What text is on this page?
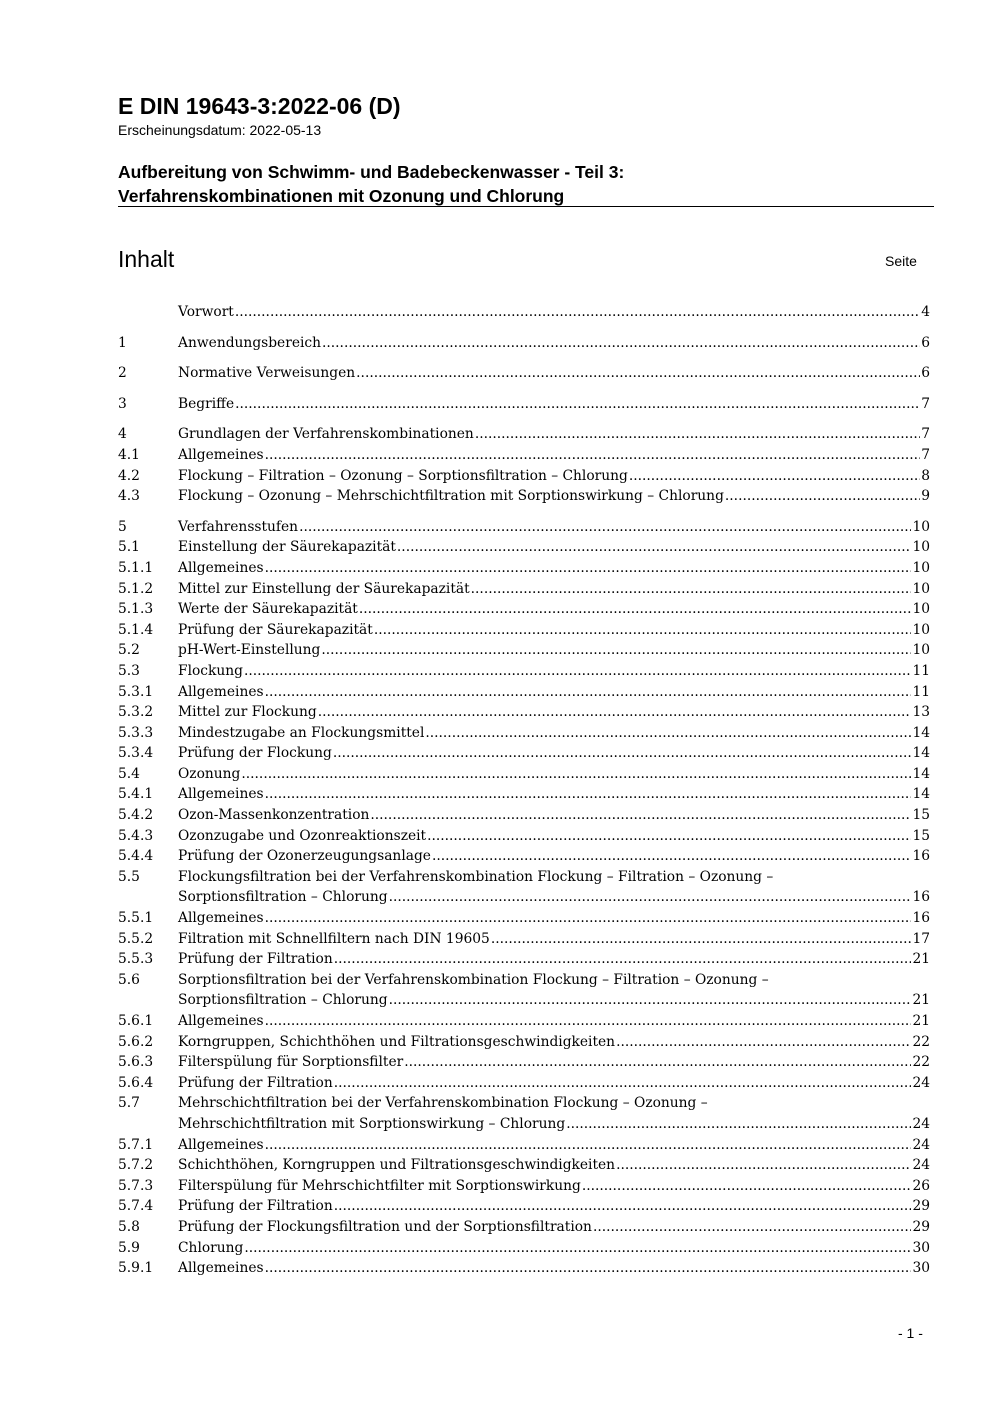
E DIN 19643-3:2022-06 (D)
Erscheinungsdatum: 2022-05-13
Aufbereitung von Schwimm- und Badebeckenwasser - Teil 3:
Verfahrenskombinationen mit Ozonung und Chlorung
Inhalt	Seite
Vorwort .....	4
1	Anwendungsbereich .....	6
2	Normative Verweisungen .....	6
3	Begriffe .....	7
4	Grundlagen der Verfahrenskombinationen .....	7
4.1	Allgemeines .....	7
4.2	Flockung – Filtration – Ozonung – Sorptionsfiltration – Chlorung .....	8
4.3	Flockung – Ozonung – Mehrschichtfiltration mit Sorptionswirkung – Chlorung .....	9
5	Verfahrensstufen .....	10
5.1	Einstellung der Säurekapazität .....	10
5.1.1	Allgemeines .....	10
5.1.2	Mittel zur Einstellung der Säurekapazität .....	10
5.1.3	Werte der Säurekapazität .....	10
5.1.4	Prüfung der Säurekapazität .....	10
5.2	pH-Wert-Einstellung .....	10
5.3	Flockung .....	11
5.3.1	Allgemeines .....	11
5.3.2	Mittel zur Flockung .....	13
5.3.3	Mindestzugabe an Flockungsmittel .....	14
5.3.4	Prüfung der Flockung .....	14
5.4	Ozonung .....	14
5.4.1	Allgemeines .....	14
5.4.2	Ozon-Massenkonzentration .....	15
5.4.3	Ozonzugabe und Ozonreaktionszeit .....	15
5.4.4	Prüfung der Ozonerzeugungsanlage .....	16
5.5	Flockungsfiltration bei der Verfahrenskombination Flockung – Filtration – Ozonung –
Sorptionsfiltration – Chlorung .....	16
5.5.1	Allgemeines .....	16
5.5.2	Filtration mit Schnellfiltern nach DIN 19605 .....	17
5.5.3	Prüfung der Filtration .....	21
5.6	Sorptionsfiltration bei der Verfahrenskombination Flockung – Filtration – Ozonung –
Sorptionsfiltration – Chlorung .....	21
5.6.1	Allgemeines .....	21
5.6.2	Korngruppen, Schichthöhen und Filtrationsgeschwindigkeiten .....	22
5.6.3	Filterspülung für Sorptionsfilter .....	22
5.6.4	Prüfung der Filtration .....	24
5.7	Mehrschichtfiltration bei der Verfahrenskombination Flockung – Ozonung –
Mehrschichtfiltration mit Sorptionswirkung – Chlorung .....	24
5.7.1	Allgemeines .....	24
5.7.2	Schichthöhen, Korngruppen und Filtrationsgeschwindigkeiten .....	24
5.7.3	Filterspülung für Mehrschichtfilter mit Sorptionswirkung .....	26
5.7.4	Prüfung der Filtration .....	29
5.8	Prüfung der Flockungsfiltration und der Sorptionsfiltration .....	29
5.9	Chlorung .....	30
5.9.1	Allgemeines .....	30
- 1 -
